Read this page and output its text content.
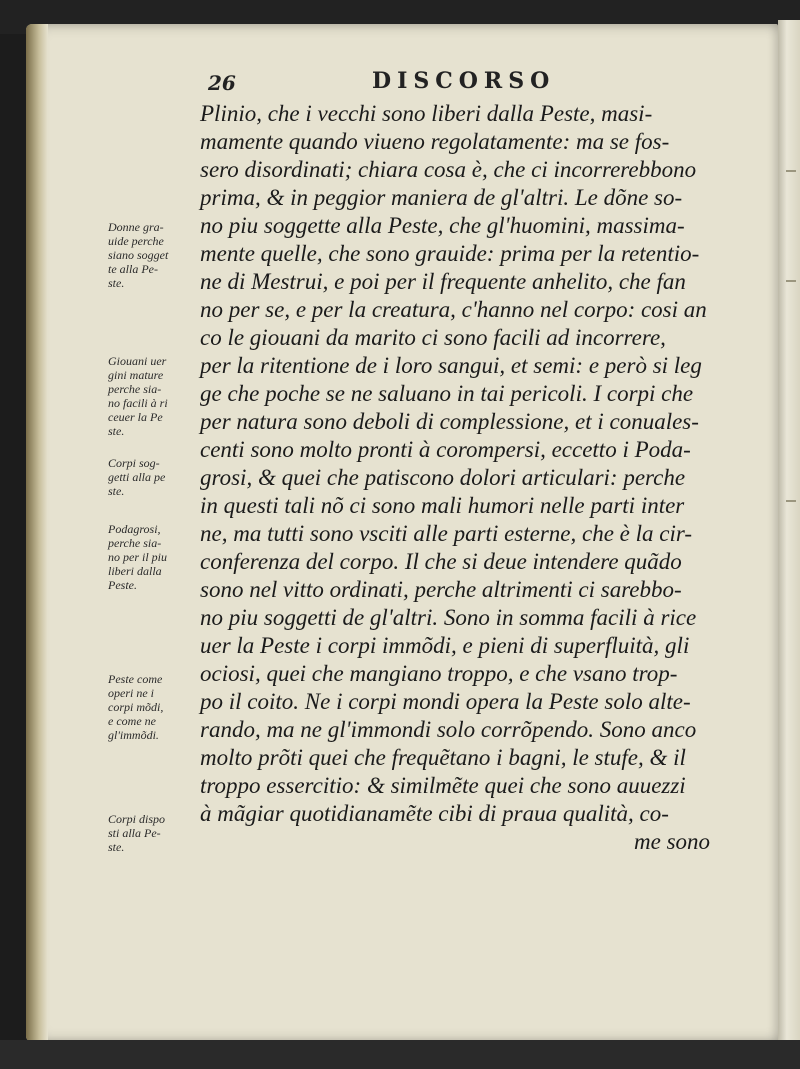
26	DISCORSO
Plinio, che i vecchi sono liberi dalla Peste, masi-
mamente quando viueno regolatamente: ma se fos-
sero disordinati; chiara cosa è, che ci incorrerebbono
prima, & in peggior maniera de gl'altri. Le dõne so-
no piu soggette alla Peste, che gl'huomini, massima-
mente quelle, che sono grauide: prima per la retentio-
ne di Mestrui, e poi per il frequente anhelito, che fan
no per se, e per la creatura, c'hanno nel corpo: cosi an
co le giouani da marito ci sono facili ad incorrere,
per la ritentione de i loro sangui, et semi: e però si leg
ge che poche se ne saluano in tai pericoli. I corpi che
per natura sono deboli di complessione, et i conuales-
centi sono molto pronti à corompersi, eccetto i Poda-
grosi, & quei che patiscono dolori articulari: perche
in questi tali nõ ci sono mali humori nelle parti inter
ne, ma tutti sono vsciti alle parti esterne, che è la cir-
conferenza del corpo. Il che si deue intendere quãdo
sono nel vitto ordinati, perche altrimenti ci sarebbo-
no piu soggetti de gl'altri. Sono in somma facili à rice
uer la Peste i corpi immõdi, e pieni di superfluità, gli
ociosi, quei che mangiano troppo, e che vsano trop-
po il coito. Ne i corpi mondi opera la Peste solo alte-
rando, ma ne gl'immondi solo corrõpendo. Sono anco
molto prõti quei che frequẽtano i bagni, le stufe, & il
troppo essercitio: & similmẽte quei che sono auuezzi
à mãgiar quotidianamẽte cibi di praua qualità, co-
me sono
Donne gra-
uide perche
siano sogget
te alla Pe-
ste.
Giouani uer
gini mature
perche sia-
no facili à ri
ceuer la Pe
ste.
Corpi sog-
getti alla pe
ste.
Podagrosi,
perche sia-
no per il piu
liberi dalla
Peste.
Peste come
operi ne i
corpi mõdi,
e come ne
gl'immõdi.
Corpi dispo
sti alla Pe-
ste.
